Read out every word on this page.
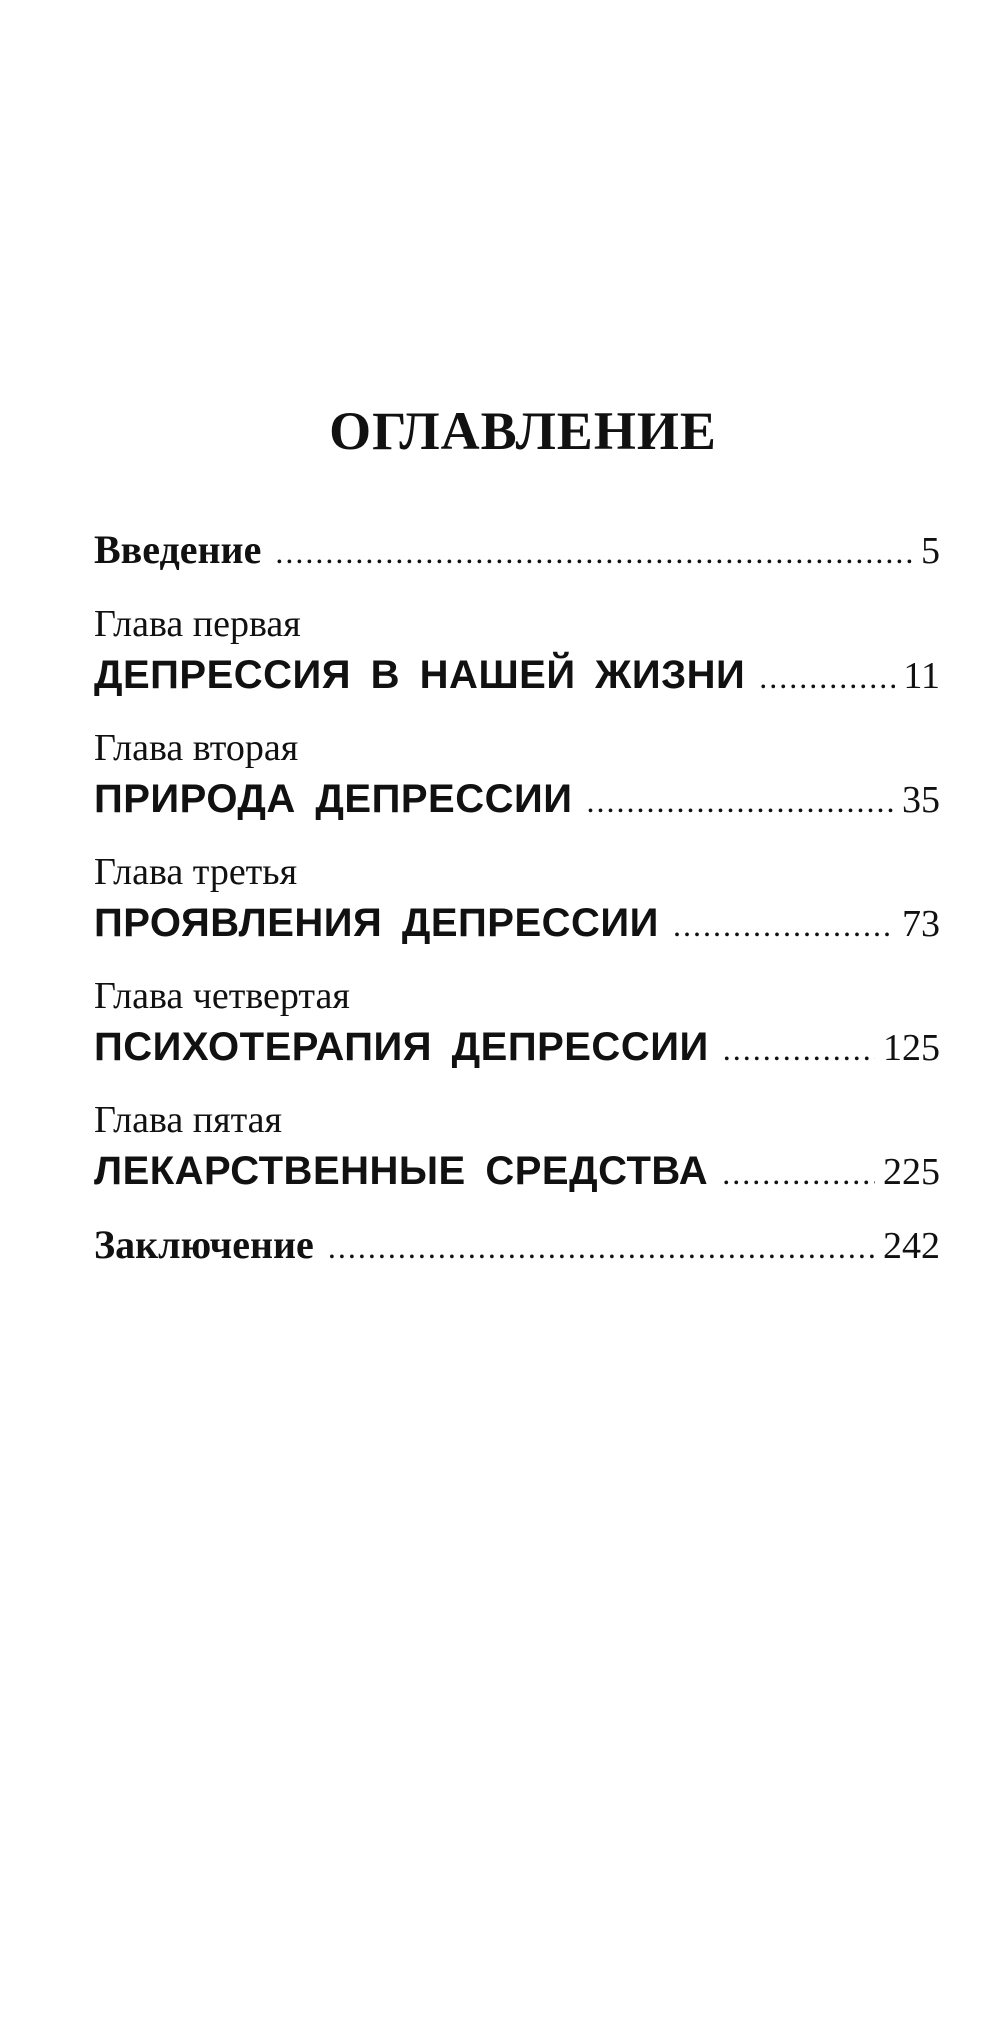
ОГЛАВЛЕНИЕ
Введение .....	5
Глава первая
ДЕПРЕССИЯ В НАШЕЙ ЖИЗНИ .....	11
Глава вторая
ПРИРОДА ДЕПРЕССИИ .....	35
Глава третья
ПРОЯВЛЕНИЯ ДЕПРЕССИИ .....	73
Глава четвертая
ПСИХОТЕРАПИЯ ДЕПРЕССИИ .....	125
Глава пятая
ЛЕКАРСТВЕННЫЕ СРЕДСТВА .....	225
Заключение .....	242
